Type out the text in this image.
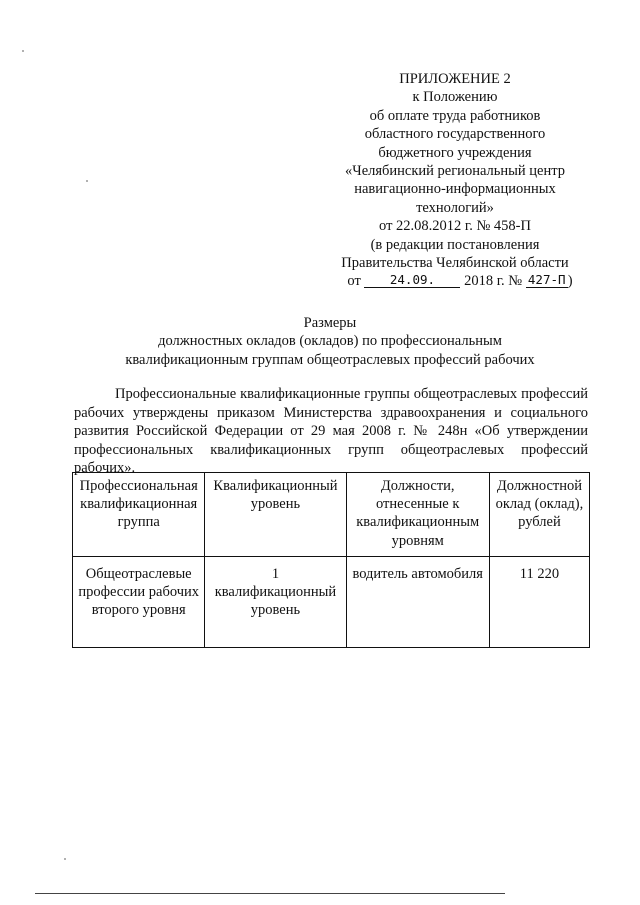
ПРИЛОЖЕНИЕ 2
к Положению
об оплате труда работников
областного государственного
бюджетного учреждения
«Челябинский региональный центр
навигационно-информационных
технологий»
от 22.08.2012 г. № 458-П
(в редакции постановления
Правительства Челябинской области
от 24.09. 2018 г. № 427-П )
Размеры
должностных окладов (окладов) по профессиональным
квалификационным группам общеотраслевых профессий рабочих

Профессиональные квалификационные группы общеотраслевых профессий рабочих утверждены приказом Министерства здравоохранения и социального развития Российской Федерации от 29 мая 2008 г. № 248н «Об утверждении профессиональных квалификационных групп общеотраслевых профессий рабочих».

Профессиональная квалификационная группа	Квалификационный уровень	Должности, отнесенные к квалификационным уровням	Должностной оклад (оклад), рублей
Общеотраслевые профессии рабочих второго уровня	1 квалификационный уровень	водитель автомобиля	11 220
